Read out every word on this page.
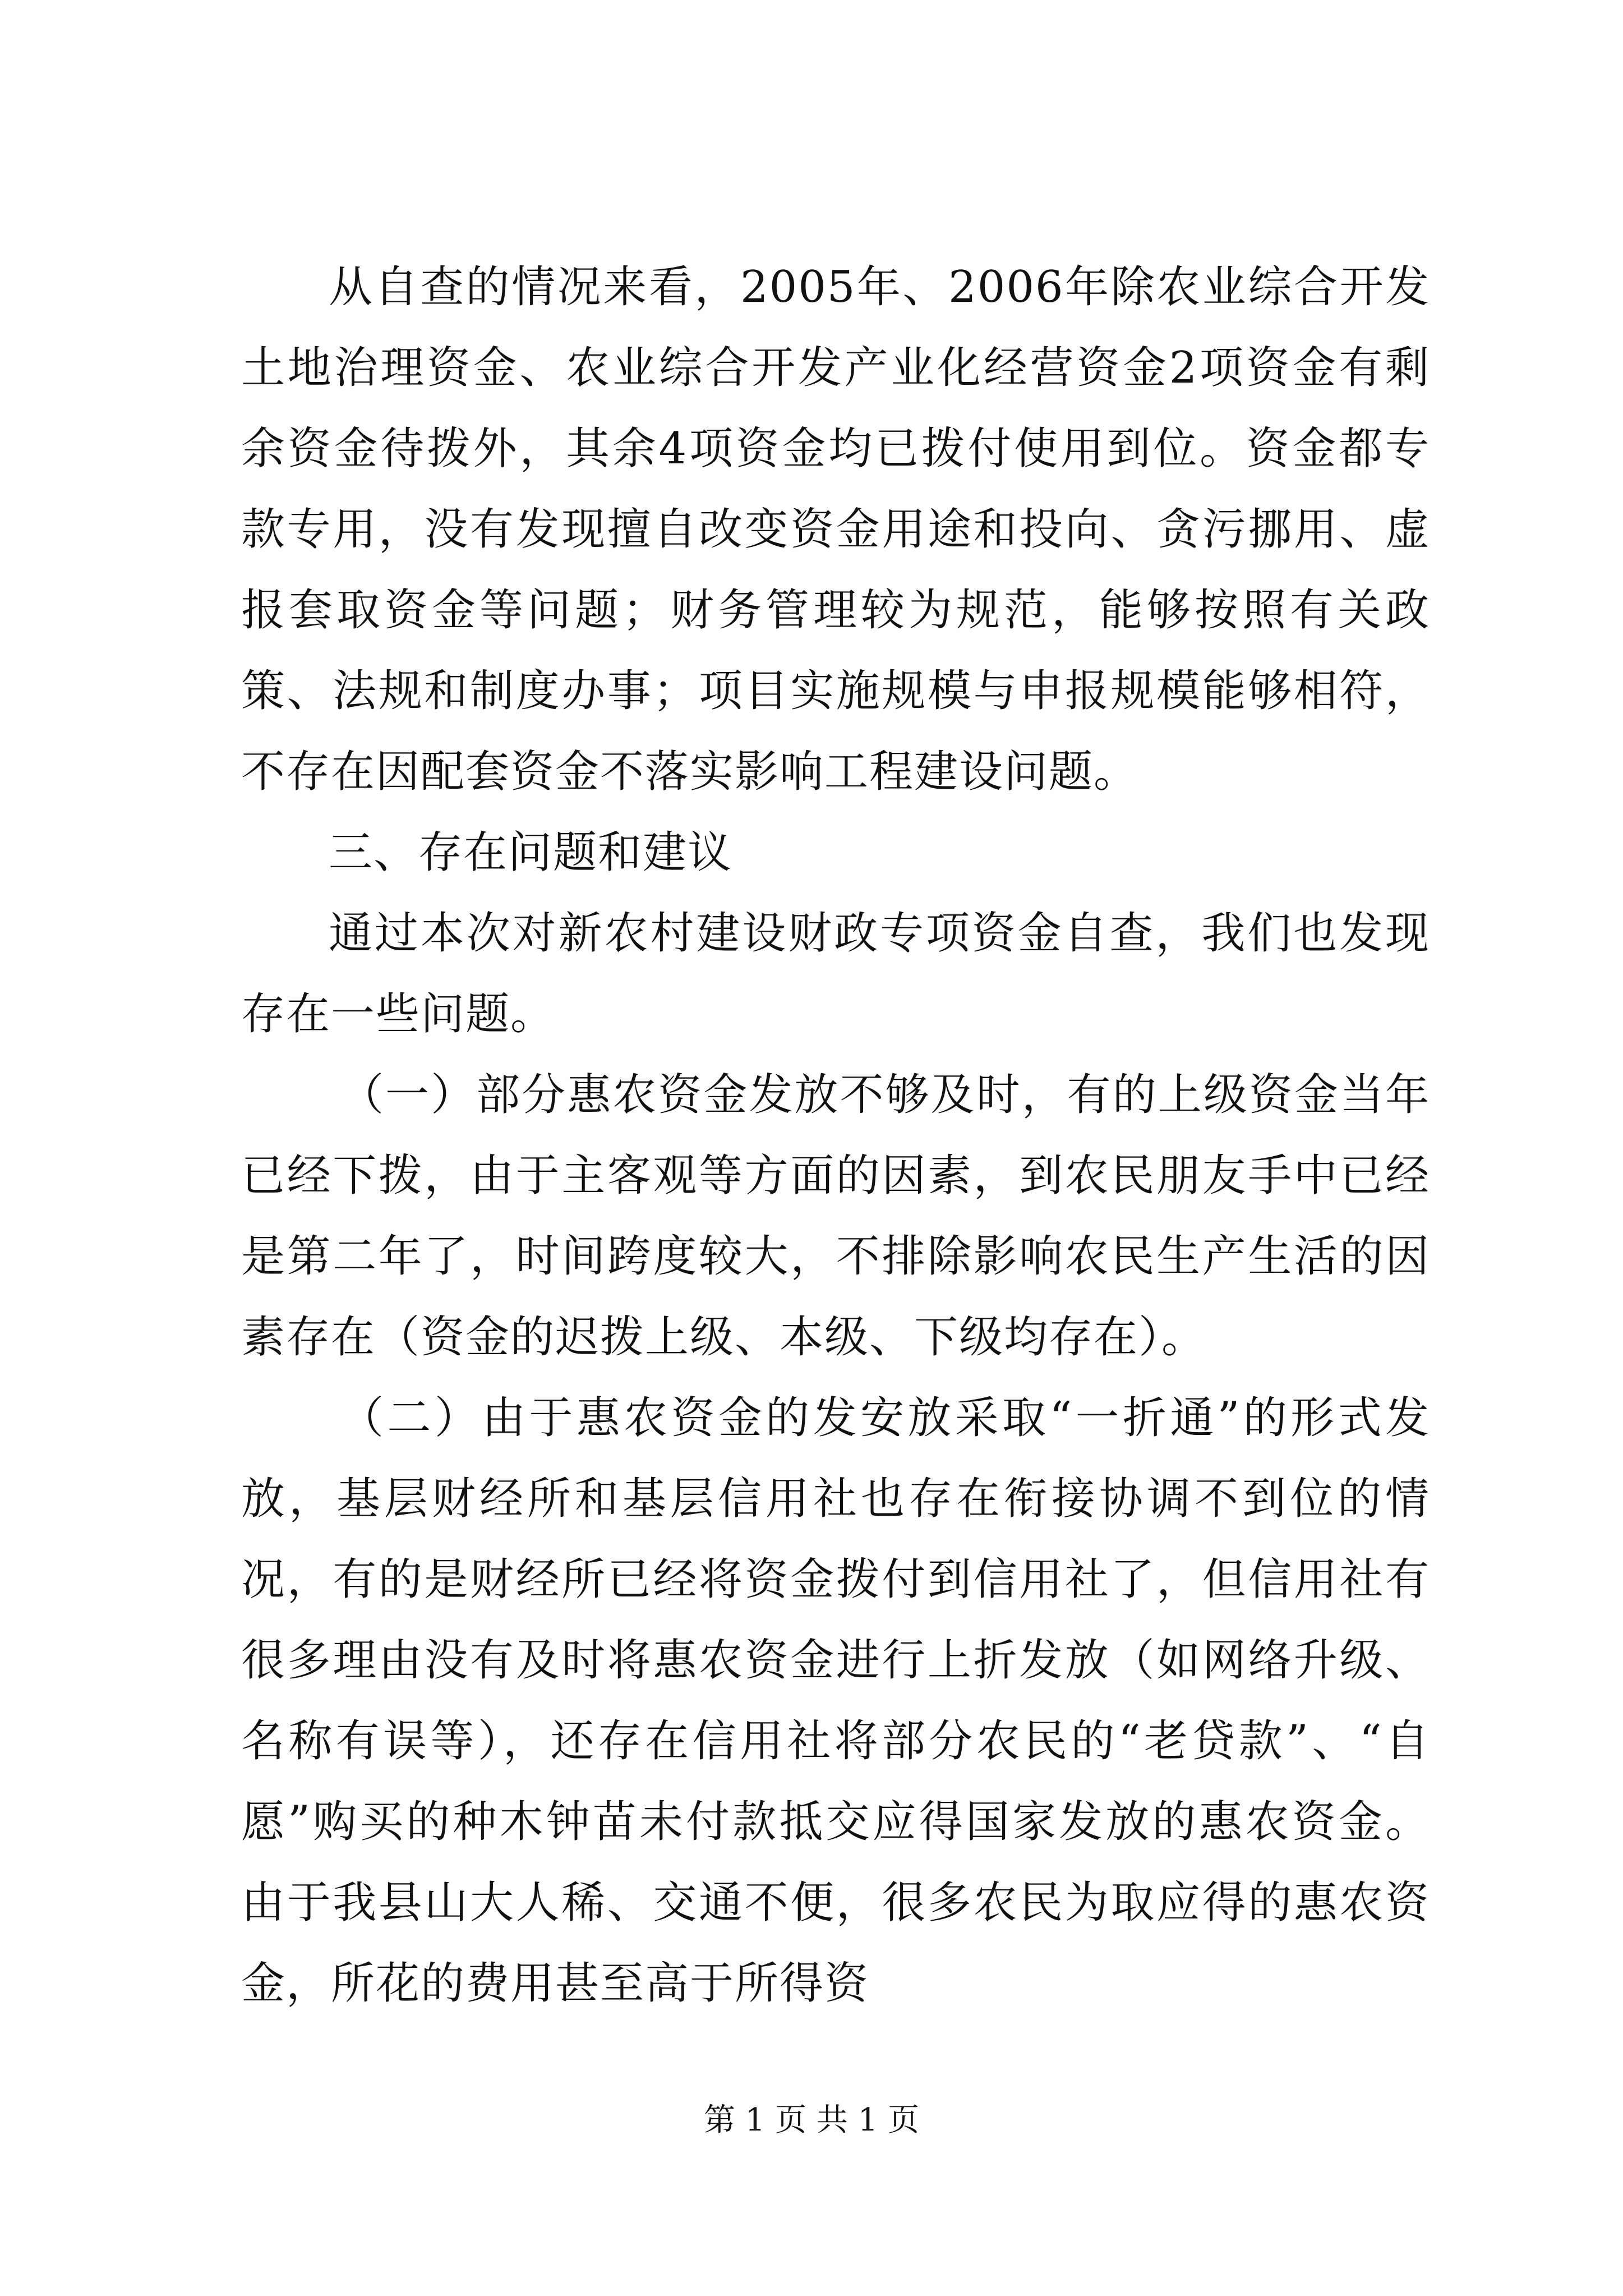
从自查的情况来看，2005年、2006年除农业综合开发土地治理资金、农业综合开发产业化经营资金2项资金有剩余资金待拨外，其余4项资金均已拨付使用到位。资金都专款专用，没有发现擅自改变资金用途和投向、贪污挪用、虚报套取资金等问题；财务管理较为规范，能够按照有关政策、法规和制度办事；项目实施规模与申报规模能够相符，不存在因配套资金不落实影响工程建设问题。

三、存在问题和建议

通过本次对新农村建设财政专项资金自查，我们也发现存在一些问题。

（一）部分惠农资金发放不够及时，有的上级资金当年已经下拨，由于主客观等方面的因素，到农民朋友手中已经是第二年了，时间跨度较大，不排除影响农民生产生活的因素存在（资金的迟拨上级、本级、下级均存在）。

（二）由于惠农资金的发安放采取“一折通”的形式发放，基层财经所和基层信用社也存在衔接协调不到位的情况，有的是财经所已经将资金拨付到信用社了，但信用社有很多理由没有及时将惠农资金进行上折发放（如网络升级、名称有误等），还存在信用社将部分农民的“老贷款”、“自愿”购买的种木钟苗未付款抵交应得国家发放的惠农资金。由于我县山大人稀、交通不便，很多农民为取应得的惠农资金，所花的费用甚至高于所得资

第 1 页 共 1 页
